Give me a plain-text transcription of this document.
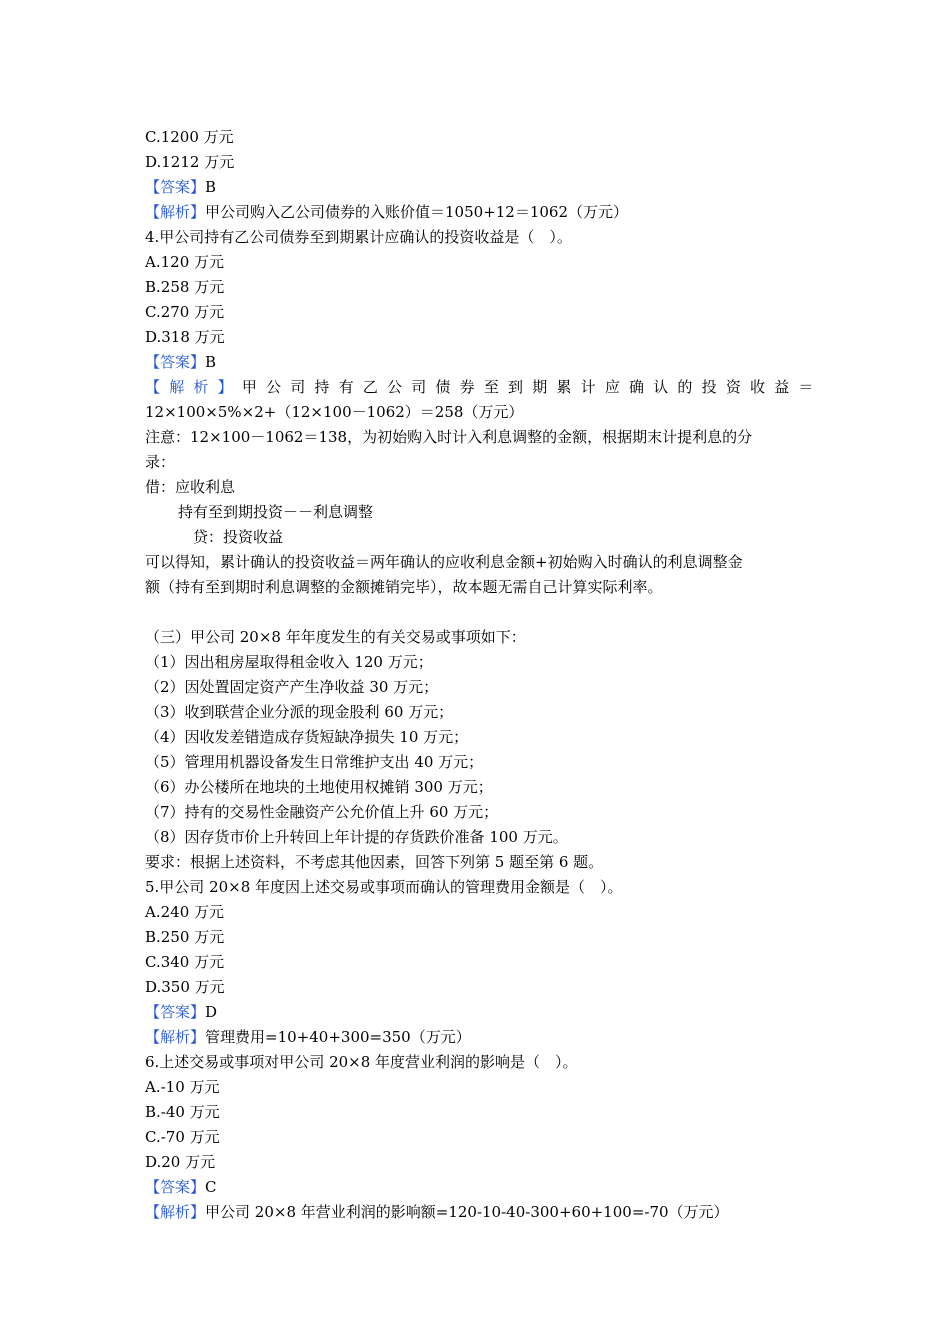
C.1200 万元
D.1212 万元
【答案】B
【解析】甲公司购入乙公司债券的入账价值＝1050+12＝1062（万元）
4.甲公司持有乙公司债券至到期累计应确认的投资收益是（　）。
A.120 万元
B.258 万元
C.270 万元
D.318 万元
【答案】B
【解析】甲公司持有乙公司债券至到期累计应确认的投资收益＝
12×100×5%×2+（12×100－1062）＝258（万元）
注意：12×100－1062＝138，为初始购入时计入利息调整的金额，根据期末计提利息的分
录：
借：应收利息
持有至到期投资－－利息调整
贷：投资收益
可以得知，累计确认的投资收益＝两年确认的应收利息金额+初始购入时确认的利息调整金
额（持有至到期时利息调整的金额摊销完毕），故本题无需自己计算实际利率。
（三）甲公司 20×8 年年度发生的有关交易或事项如下：
（1）因出租房屋取得租金收入 120 万元；
（2）因处置固定资产产生净收益 30 万元；
（3）收到联营企业分派的现金股利 60 万元；
（4）因收发差错造成存货短缺净损失 10 万元；
（5）管理用机器设备发生日常维护支出 40 万元；
（6）办公楼所在地块的土地使用权摊销 300 万元；
（7）持有的交易性金融资产公允价值上升 60 万元；
（8）因存货市价上升转回上年计提的存货跌价准备 100 万元。
要求：根据上述资料，不考虑其他因素，回答下列第 5 题至第 6 题。
5.甲公司 20×8 年度因上述交易或事项而确认的管理费用金额是（　）。
A.240 万元
B.250 万元
C.340 万元
D.350 万元
【答案】D
【解析】管理费用=10+40+300=350（万元）
6.上述交易或事项对甲公司 20×8 年度营业利润的影响是（　）。
A.-10 万元
B.-40 万元
C.-70 万元
D.20 万元
【答案】C
【解析】甲公司 20×8 年营业利润的影响额=120-10-40-300+60+100=-70（万元）
